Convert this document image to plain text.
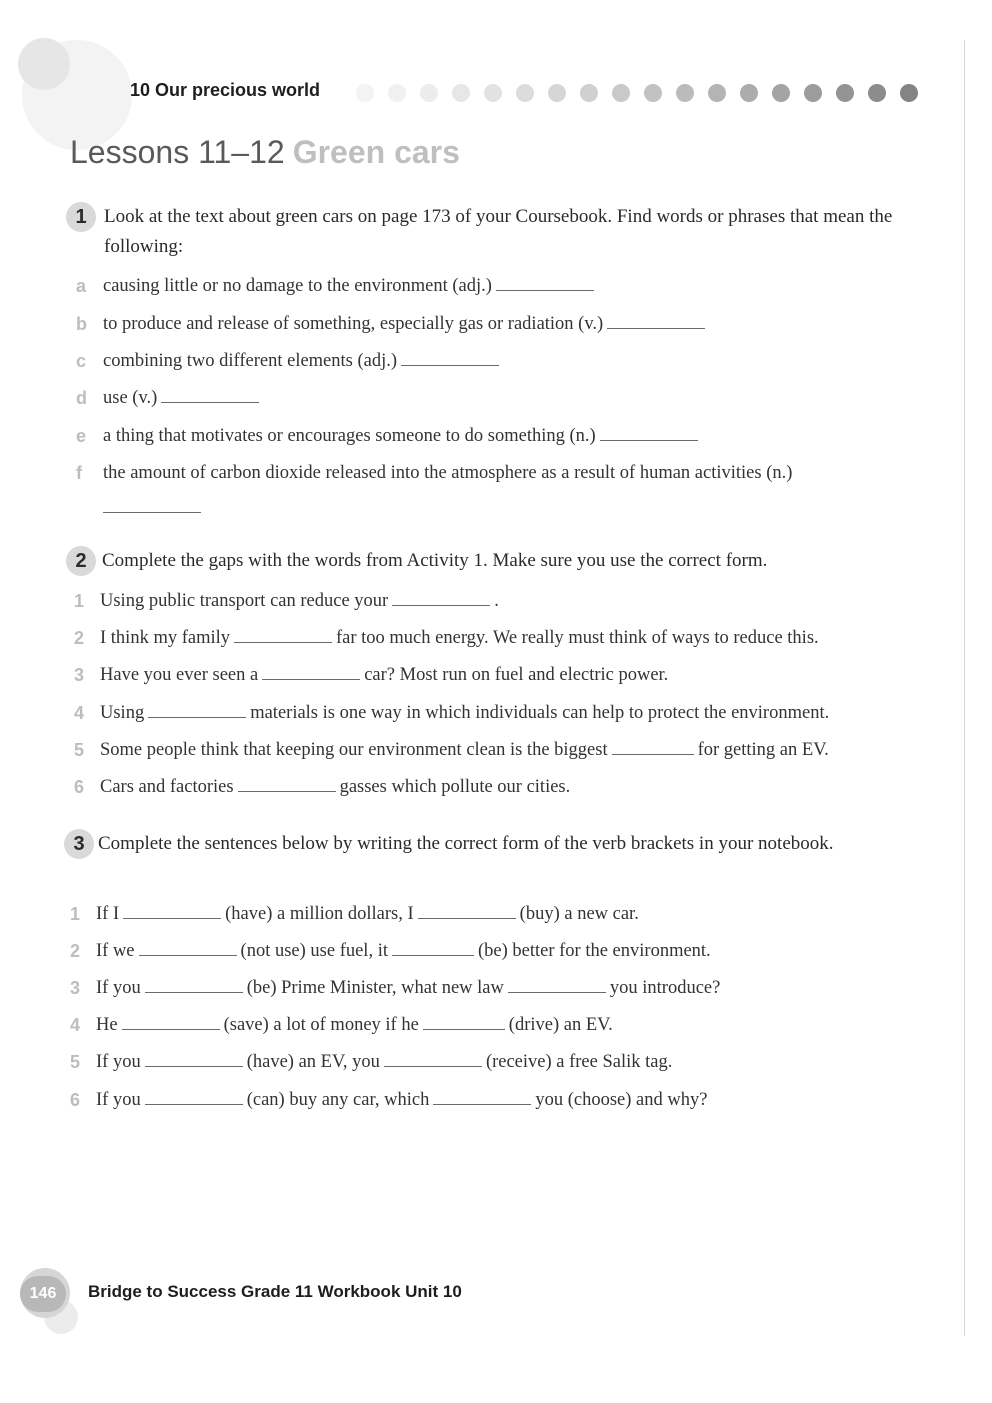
10 Our precious world
Lessons 11–12 Green cars
1 Look at the text about green cars on page 173 of your Coursebook. Find words or phrases that mean the following:
a causing little or no damage to the environment (adj.)
b to produce and release of something, especially gas or radiation (v.)
c combining two different elements (adj.)
d use (v.)
e a thing that motivates or encourages someone to do something (n.)
f the amount of carbon dioxide released into the atmosphere as a result of human activities (n.)
2 Complete the gaps with the words from Activity 1. Make sure you use the correct form.
1 Using public transport can reduce your	.
2 I think my family	far too much energy. We really must think of ways to reduce this.
3 Have you ever seen a	car? Most run on fuel and electric power.
4 Using	materials is one way in which individuals can help to protect the environment.
5 Some people think that keeping our environment clean is the biggest	for getting an EV.
6 Cars and factories	gasses which pollute our cities.
3 Complete the sentences below by writing the correct form of the verb brackets in your notebook.
1 If I	(have) a million dollars, I	(buy) a new car.
2 If we	(not use) use fuel, it	(be) better for the environment.
3 If you	(be) Prime Minister, what new law	you introduce?
4 He	(save) a lot of money if he	(drive) an EV.
5 If you	(have) an EV, you	(receive) a free Salik tag.
6 If you	(can) buy any car, which	you (choose) and why?
146	Bridge to Success Grade 11 Workbook Unit 10
